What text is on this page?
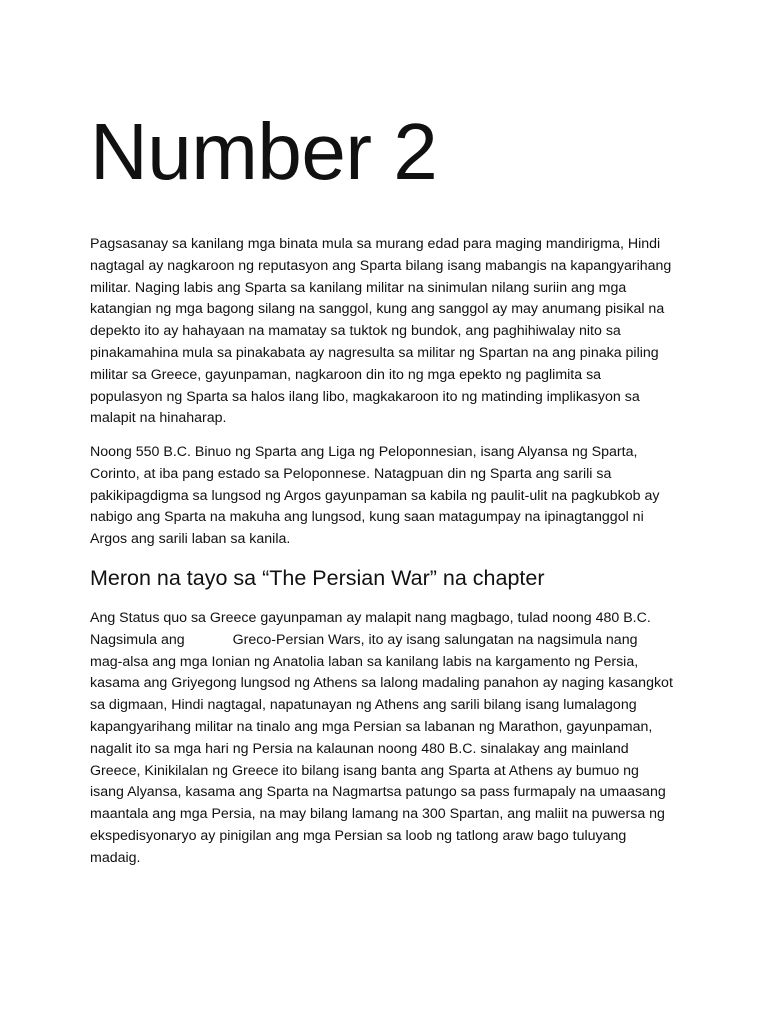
Number 2

Pagsasanay sa kanilang mga binata mula sa murang edad para maging mandirigma, Hindi
nagtagal ay nagkaroon ng reputasyon ang Sparta bilang isang mabangis na kapangyarihang
militar. Naging labis ang Sparta sa kanilang militar na sinimulan nilang suriin ang mga
katangian ng mga bagong silang na sanggol, kung ang sanggol ay may anumang pisikal na
depekto ito ay hahayaan na mamatay sa tuktok ng bundok, ang paghihiwalay nito sa
pinakamahina mula sa pinakabata ay nagresulta sa militar ng Spartan na ang pinaka piling
militar sa Greece, gayunpaman, nagkaroon din ito ng mga epekto ng paglimita sa
populasyon ng Sparta sa halos ilang libo, magkakaroon ito ng matinding implikasyon sa
malapit na hinaharap.

Noong 550 B.C. Binuo ng Sparta ang Liga ng Peloponnesian, isang Alyansa ng Sparta,
Corinto, at iba pang estado sa Peloponnese. Natagpuan din ng Sparta ang sarili sa
pakikipagdigma sa lungsod ng Argos gayunpaman sa kabila ng paulit-ulit na pagkubkob ay
nabigo ang Sparta na makuha ang lungsod, kung saan matagumpay na ipinagtanggol ni
Argos ang sarili laban sa kanila.

Meron na tayo sa “The Persian War” na chapter

Ang Status quo sa Greece gayunpaman ay malapit nang magbago, tulad noong 480 B.C.
Nagsimula ang	Greco-Persian Wars, ito ay isang salungatan na nagsimula nang
mag-alsa ang mga Ionian ng Anatolia laban sa kanilang labis na kargamento ng Persia,
kasama ang Griyegong lungsod ng Athens sa lalong madaling panahon ay naging kasangkot
sa digmaan, Hindi nagtagal, napatunayan ng Athens ang sarili bilang isang lumalagong
kapangyarihang militar na tinalo ang mga Persian sa labanan ng Marathon, gayunpaman,
nagalit ito sa mga hari ng Persia na kalaunan noong 480 B.C. sinalakay ang mainland
Greece, Kinikilalan ng Greece ito bilang isang banta ang Sparta at Athens ay bumuo ng
isang Alyansa, kasama ang Sparta na Nagmartsa patungo sa pass furmapaly na umaasang
maantala ang mga Persia, na may bilang lamang na 300 Spartan, ang maliit na puwersa ng
ekspedisyonaryo ay pinigilan ang mga Persian sa loob ng tatlong araw bago tuluyang
madaig.
